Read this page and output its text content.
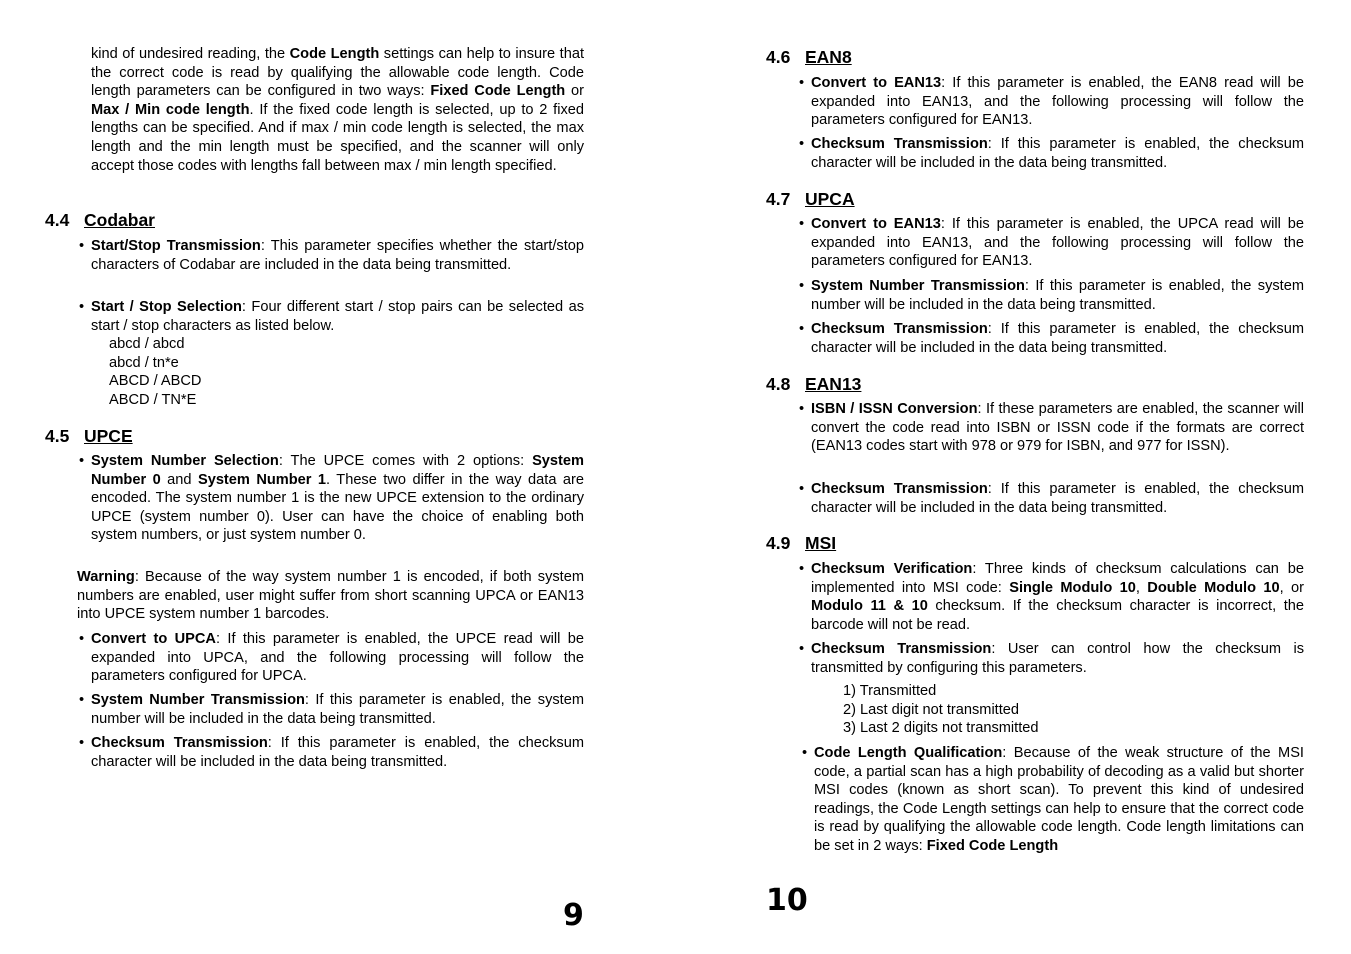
kind of undesired reading, the Code Length settings can help to insure that the correct code is read by qualifying the allowable code length. Code length parameters can be configured in two ways: Fixed Code Length or Max / Min code length. If the fixed code length is selected, up to 2 fixed lengths can be specified. And if max / min code length is selected, the max length and the min length must be specified, and the scanner will only accept those codes with lengths fall between max / min length specified.

4.4 Codabar

• Start/Stop Transmission: This parameter specifies whether the start/stop characters of Codabar are included in the data being transmitted.

• Start / Stop Selection: Four different start / stop pairs can be selected as start / stop characters as listed below.

abcd / abcd
abcd / tn*e
ABCD / ABCD
ABCD / TN*E
4.5 UPCE

• System Number Selection: The UPCE comes with 2 options: System Number 0 and System Number 1. These two differ in the way data are encoded. The system number 1 is the new UPCE extension to the ordinary UPCE (system number 0). User can have the choice of enabling both system numbers, or just system number 0.

Warning: Because of the way system number 1 is encoded, if both system numbers are enabled, user might suffer from short scanning UPCA or EAN13 into UPCE system number 1 barcodes.

• Convert to UPCA: If this parameter is enabled, the UPCE read will be expanded into UPCA, and the following processing will follow the parameters configured for UPCA.

• System Number Transmission: If this parameter is enabled, the system number will be included in the data being transmitted.

• Checksum Transmission: If this parameter is enabled, the checksum character will be included in the data being transmitted.

9
4.6 EAN8

• Convert to EAN13: If this parameter is enabled, the EAN8 read will be expanded into EAN13, and the following processing will follow the parameters configured for EAN13.

• Checksum Transmission: If this parameter is enabled, the checksum character will be included in the data being transmitted.

4.7 UPCA

• Convert to EAN13: If this parameter is enabled, the UPCA read will be expanded into EAN13, and the following processing will follow the parameters configured for EAN13.

• System Number Transmission: If this parameter is enabled, the system number will be included in the data being transmitted.

• Checksum Transmission: If this parameter is enabled, the checksum character will be included in the data being transmitted.

4.8 EAN13

• ISBN / ISSN Conversion: If these parameters are enabled, the scanner will convert the code read into ISBN or ISSN code if the formats are correct (EAN13 codes start with 978 or 979 for ISBN, and 977 for ISSN).

• Checksum Transmission: If this parameter is enabled, the checksum character will be included in the data being transmitted.

4.9 MSI

• Checksum Verification: Three kinds of checksum calculations can be implemented into MSI code: Single Modulo 10, Double Modulo 10, or Modulo 11 & 10 checksum. If the checksum character is incorrect, the barcode will not be read.

• Checksum Transmission: User can control how the checksum is transmitted by configuring this parameters.

1) Transmitted
2) Last digit not transmitted
3) Last 2 digits not transmitted

• Code Length Qualification: Because of the weak structure of the MSI code, a partial scan has a high probability of decoding as a valid but shorter MSI codes (known as short scan). To prevent this kind of undesired readings, the Code Length settings can help to ensure that the correct code is read by qualifying the allowable code length. Code length limitations can be set in 2 ways: Fixed Code Length

10
